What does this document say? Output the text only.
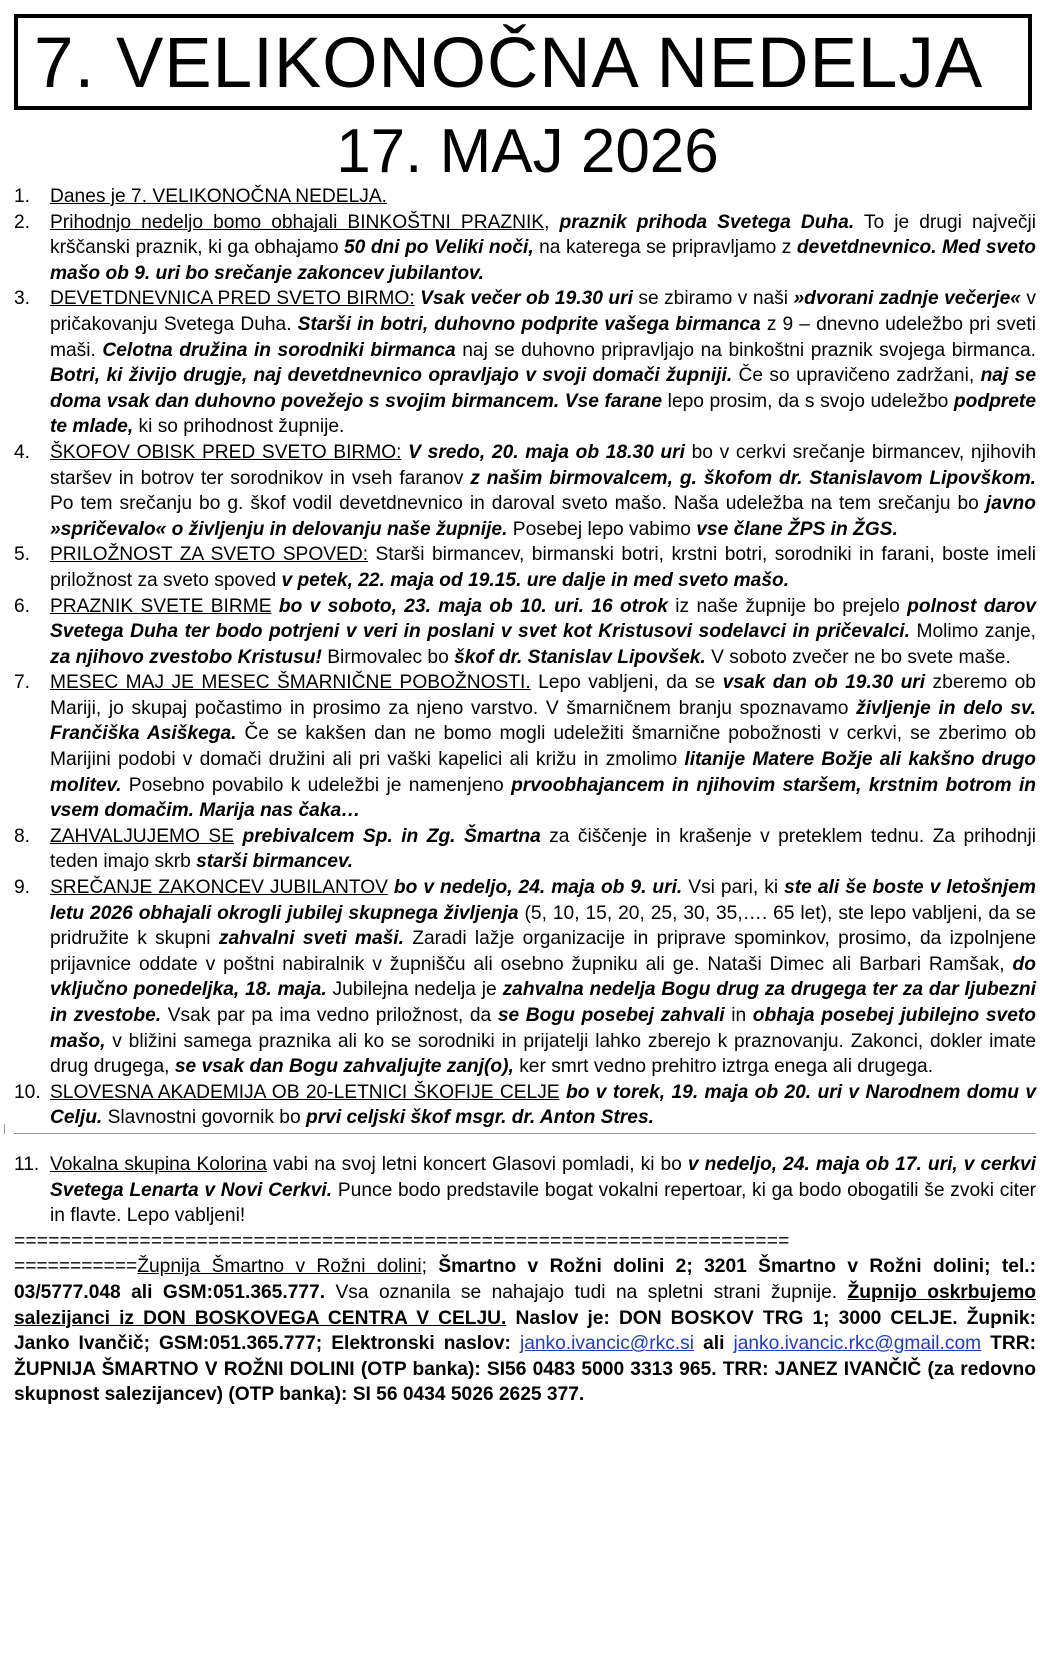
7. VELIKONOČNA NEDELJA
17. MAJ 2026
1.	Danes je 7. VELIKONOČNA NEDELJA.
2.	Prihodnjo nedeljo bomo obhajali BINKOŠTNI PRAZNIK, praznik prihoda Svetega Duha. To je drugi največji krščanski praznik, ki ga obhajamo 50 dni po Veliki noči, na katerega se pripravljamo z devetdnevnico. Med sveto mašo ob 9. uri bo srečanje zakoncev jubilantov.
3.	DEVETDNEVNICA PRED SVETO BIRMO: Vsak večer ob 19.30 uri se zbiramo v naši »dvorani zadnje večerje« v pričakovanju Svetega Duha. Starši in botri, duhovno podprite vašega birmanca z 9 – dnevno udeležbo pri sveti maši. Celotna družina in sorodniki birmanca naj se duhovno pripravljajo na binkoštni praznik svojega birmanca. Botri, ki živijo drugje, naj devetdnevnico opravljajo v svoji domači župniji. Če so upravičeno zadržani, naj se doma vsak dan duhovno povežejo s svojim birmancem. Vse farane lepo prosim, da s svojo udeležbo podprete te mlade, ki so prihodnost župnije.
4.	ŠKOFOV OBISK PRED SVETO BIRMO: V sredo, 20. maja ob 18.30 uri bo v cerkvi srečanje birmancev, njihovih staršev in botrov ter sorodnikov in vseh faranov z našim birmovalcem, g. škofom dr. Stanislavom Lipovškom. Po tem srečanju bo g. škof vodil devetdnevnico in daroval sveto mašo. Naša udeležba na tem srečanju bo javno »spričevalo« o življenju in delovanju naše župnije. Posebej lepo vabimo vse člane ŽPS in ŽGS.
5.	PRILOŽNOST ZA SVETO SPOVED: Starši birmancev, birmanski botri, krstni botri, sorodniki in farani, boste imeli priložnost za sveto spoved v petek, 22. maja od 19.15. ure dalje in med sveto mašo.
6.	PRAZNIK SVETE BIRME bo v soboto, 23. maja ob 10. uri. 16 otrok iz naše župnije bo prejelo polnost darov Svetega Duha ter bodo potrjeni v veri in poslani v svet kot Kristusovi sodelavci in pričevalci. Molimo zanje, za njihovo zvestobo Kristusu! Birmovalec bo škof dr. Stanislav Lipovšek. V soboto zvečer ne bo svete maše.
7.	MESEC MAJ JE MESEC ŠMARNIČNE POBOŽNOSTI. Lepo vabljeni, da se vsak dan ob 19.30 uri zberemo ob Mariji, jo skupaj počastimo in prosimo za njeno varstvo. V šmarničnem branju spoznavamo življenje in delo sv. Frančiška Asiškega. Če se kakšen dan ne bomo mogli udeležiti šmarnične pobožnosti v cerkvi, se zberimo ob Marijini podobi v domači družini ali pri vaški kapelici ali križu in zmolimo litanije Matere Božje ali kakšno drugo molitev. Posebno povabilo k udeležbi je namenjeno prvoobhajancem in njihovim staršem, krstnim botrom in vsem domačim. Marija nas čaka…
8.	ZAHVALJUJEMO SE prebivalcem Sp. in Zg. Šmartna za čiščenje in krašenje v preteklem tednu. Za prihodnji teden imajo skrb starši birmancev.
9.	SREČANJE ZAKONCEV JUBILANTOV bo v nedeljo, 24. maja ob 9. uri. Vsi pari, ki ste ali še boste v letošnjem letu 2026 obhajali okrogli jubilej skupnega življenja (5, 10, 15, 20, 25, 30, 35,…. 65 let), ste lepo vabljeni, da se pridružite k skupni zahvalni sveti maši. Zaradi lažje organizacije in priprave spominkov, prosimo, da izpolnjene prijavnice oddate v poštni nabiralnik v župnišču ali osebno župniku ali ge. Nataši Dimec ali Barbari Ramšak, do vključno ponedeljka, 18. maja. Jubilejna nedelja je zahvalna nedelja Bogu drug za drugega ter za dar ljubezni in zvestobe. Vsak par pa ima vedno priložnost, da se Bogu posebej zahvali in obhaja posebej jubilejno sveto mašo, v bližini samega praznika ali ko se sorodniki in prijatelji lahko zberejo k praznovanju. Zakonci, dokler imate drug drugega, se vsak dan Bogu zahvaljujte zanj(o), ker smrt vedno prehitro iztrga enega ali drugega.
10. SLOVESNA AKADEMIJA OB 20-LETNICI ŠKOFIJE CELJE bo v torek, 19. maja ob 20. uri v Narodnem domu v Celju. Slavnostni govornik bo prvi celjski škof msgr. dr. Anton Stres.
11. Vokalna skupina Kolorina vabi na svoj letni koncert Glasovi pomladi, ki bo v nedeljo, 24. maja ob 17. uri, v cerkvi Svetega Lenarta v Novi Cerkvi. Punce bodo predstavile bogat vokalni repertoar, ki ga bodo obogatili še zvoki citer in flavte. Lepo vabljeni!
====================================================================
===========Župnija Šmartno v Rožni dolini; Šmartno v Rožni dolini 2; 3201 Šmartno v Rožni dolini; tel.: 03/5777.048 ali GSM:051.365.777. Vsa oznanila se nahajajo tudi na spletni strani župnije. Župnijo oskrbujemo salezijanci iz DON BOSKOVEGA CENTRA V CELJU. Naslov je: DON BOSKOV TRG 1; 3000 CELJE. Župnik: Janko Ivančič; GSM:051.365.777; Elektronski naslov: janko.ivancic@rkc.si ali janko.ivancic.rkc@gmail.com TRR: ŽUPNIJA ŠMARTNO V ROŽNI DOLINI (OTP banka): SI56 0483 5000 3313 965. TRR: JANEZ IVANČIČ (za redovno skupnost salezijancev) (OTP banka): SI 56 0434 5026 2625 377.
